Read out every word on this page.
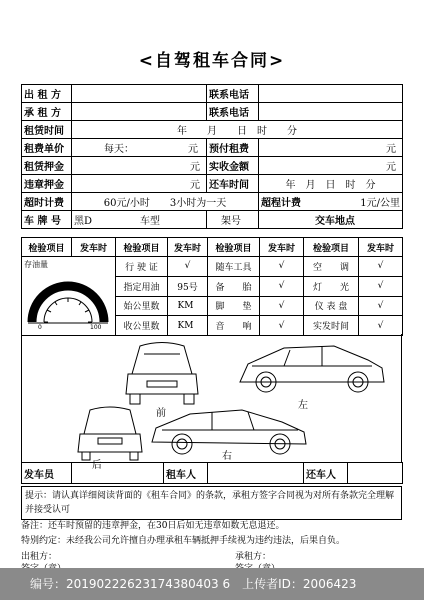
<自驾租车合同>
出 租 方		联系电话	
承 租 方		联系电话	
租赁时间	年　　月　　日　时　　分		
租费单价	每天： 元	预付租费	元
租赁押金	元	实收金额	元
违章押金	元	还车时间	年　月　日　时　分
超时计费	60元/小时　　3小时为一天		超程计费 1元/公里

车 牌 号	黑D 车型	架号	交车地点
检验项目	发车时	检验项目	发车时	检验项目	发车时	检验项目	发车时

存油量
0 100		行 驶 证	√	随车工具	√	空　　调	√
		指定用油	95号	备　　胎	√	灯　　光	√
		始公里数	KM	脚　　垫	√	仪 表 盘	√
		收公里数	KM	音　　响	√	实发时间	√
前
左
后
右
发车员		租车人		还车人	
提示：请认真详细阅读背面的《租车合同》的条款，承租方签字合同视为对所有条款完全理解并接受认可
备注：还车时预留的违章押金，在30日后如无违章如数无息退还。
特别约定：未经我公司允许擅自办理承租车辆抵押手续视为违约违法，后果自负。
出租方：	承租方：
编号：20190222623174380403 6　上传者ID：2006423
